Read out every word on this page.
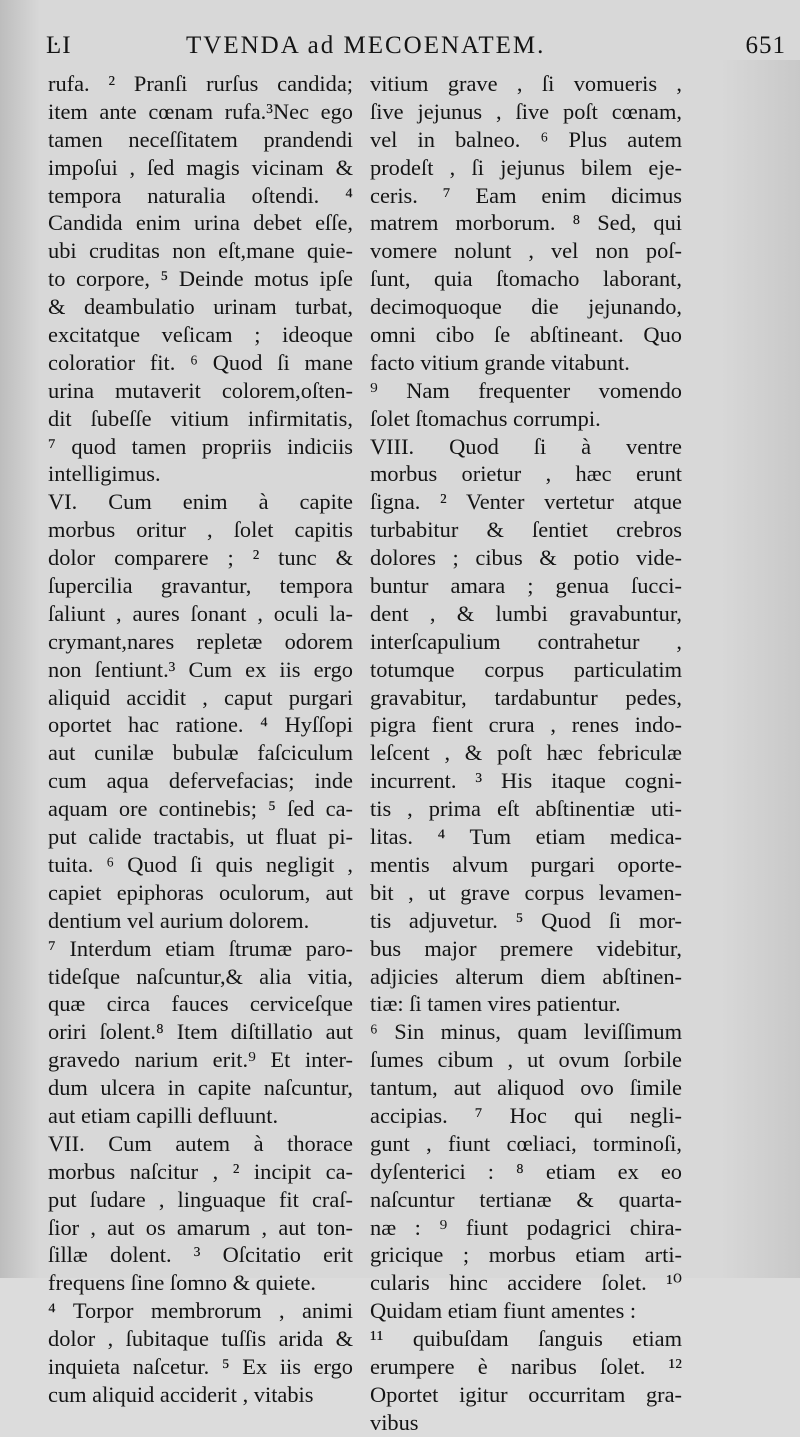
ĿI	TVENDA ad MECOENATEM.	651
rufa. ² Pranſi rurſus candida;
item ante cœnam rufa.³Nec ego
tamen neceſſitatem prandendi
impoſui , ſed magis vicinam &
tempora naturalia oſtendi. ⁴
Candida enim urina debet eſſe,
ubi cruditas non eſt,mane quie-
to corpore, ⁵ Deinde motus ipſe
& deambulatio urinam turbat,
excitatque veſicam ; ideoque
coloratior fit. ⁶ Quod ſi mane
urina mutaverit colorem,oſten-
dit ſubeſſe vitium infirmitatis,
⁷ quod tamen propriis indiciis
intelligimus.
VI. Cum enim à capite
morbus oritur , ſolet capitis
dolor comparere ; ² tunc &
ſupercilia gravantur, tempora
ſaliunt , aures ſonant , oculi la-
crymant,nares repletæ odorem
non ſentiunt.³ Cum ex iis ergo
aliquid accidit , caput purgari
oportet hac ratione. ⁴ Hyſſopi
aut cunilæ bubulæ faſciculum
cum aqua defervefacias; inde
aquam ore continebis; ⁵ ſed ca-
put calide tractabis, ut fluat pi-
tuita. ⁶ Quod ſi quis negligit ,
capiet epiphoras oculorum, aut
dentium vel aurium dolorem.
⁷ Interdum etiam ſtrumæ paro-
tideſque naſcuntur,& alia vitia,
quæ circa fauces cerviceſque
oriri ſolent.⁸ Item diſtillatio aut
gravedo narium erit.⁹ Et inter-
dum ulcera in capite naſcuntur,
aut etiam capilli defluunt.
VII. Cum autem à thorace
morbus naſcitur , ² incipit ca-
put ſudare , linguaque fit craſ-
ſior , aut os amarum , aut ton-
ſillæ dolent. ³ Oſcitatio erit
frequens ſine ſomno & quiete.
⁴ Torpor membrorum , animi
dolor , ſubitaque tuſſis arida &
inquieta naſcetur. ⁵ Ex iis ergo
cum aliquid acciderit , vitabis
vitium grave , ſi vomueris ,
ſive jejunus , ſive poſt cœnam,
vel in balneo. ⁶ Plus autem
prodeſt , ſi jejunus bilem eje-
ceris. ⁷ Eam enim dicimus
matrem morborum. ⁸ Sed, qui
vomere nolunt , vel non poſ-
ſunt, quia ſtomacho laborant,
decimoquoque die jejunando,
omni cibo ſe abſtineant. Quo
facto vitium grande vitabunt.
⁹ Nam frequenter vomendo
ſolet ſtomachus corrumpi.
VIII. Quod ſi à ventre
morbus orietur , hæc erunt
ſigna. ² Venter vertetur atque
turbabitur & ſentiet crebros
dolores ; cibus & potio vide-
buntur amara ; genua ſucci-
dent , & lumbi gravabuntur,
interſcapulium contrahetur ,
totumque corpus particulatim
gravabitur, tardabuntur pedes,
pigra fient crura , renes indo-
leſcent , & poſt hæc febriculæ
incurrent. ³ His itaque cogni-
tis , prima eſt abſtinentiæ uti-
litas. ⁴ Tum etiam medica-
mentis alvum purgari oporte-
bit , ut grave corpus levamen-
tis adjuvetur. ⁵ Quod ſi mor-
bus major premere videbitur,
adjicies alterum diem abſtinen-
tiæ: ſi tamen vires patientur.
⁶ Sin minus, quam leviſſimum
ſumes cibum , ut ovum ſorbile
tantum, aut aliquod ovo ſimile
accipias. ⁷ Hoc qui negli-
gunt , fiunt cœliaci, torminoſi,
dyſenterici : ⁸ etiam ex eo
naſcuntur tertianæ & quarta-
næ : ⁹ fiunt podagrici chira-
gricique ; morbus etiam arti-
cularis hinc accidere ſolet. ¹⁰
Quidam etiam fiunt amentes :
¹¹ quibuſdam ſanguis etiam
erumpere è naribus ſolet. ¹²
Oportet igitur occurritam gra-
vibus
